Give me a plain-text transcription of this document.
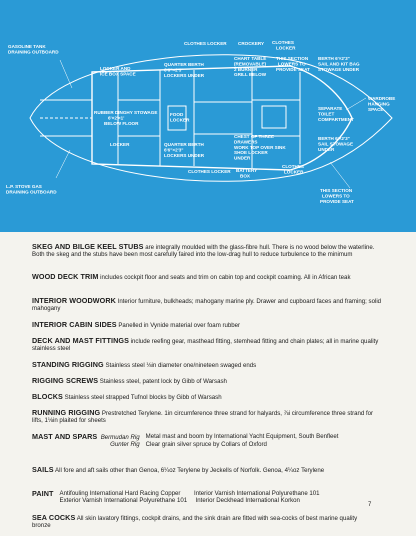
GASOLINE TANK DRAINING OUTBOARD
L.P. STOVE GAS DRAINING OUTBOARD
LOCKER AND ICE BOX SPACE
RUBBER DINGHY STOWAGE 6'×2'×1' BELOW FLOOR
LOCKER
QUARTER BERTH 6'6"×2'3" LOCKERS UNDER
FOOD LOCKER
QUARTER BERTH 6'6"×2'3" LOCKERS UNDER
CLOTHES LOCKER CROCKERY CLOTHES LOCKER
CHART TABLE (REMOVABLE) 2 BURNER GRILL BELOW
THIS SECTION LOWERS TO PROVIDE SEAT
BERTH 6'×2'3" SAIL AND KIT BAG STOWAGE UNDER
CHEST OF THREE DRAWERS WORK TOP OVER SINK SHOE LOCKER UNDER
SEPARATE TOILET COMPARTMENT
WARDROBE HANGING SPACE
BERTH 6'×2'3" SAIL STOWAGE UNDER
CLOTHES LOCKER BATTERY BOX
CLOTHES LOCKER
THIS SECTION LOWERS TO PROVIDE SEAT
SKEG AND BILGE KEEL STUBS are integrally moulded with the glass-fibre hull. There is no wood below the waterline. Both the skeg and the stubs have been most carefully faired into the low-drag hull to reduce turbulence to the minimum
WOOD DECK TRIM includes cockpit floor and seats and trim on cabin top and cockpit coaming. All in African teak
INTERIOR WOODWORK Interior furniture, bulkheads; mahogany marine ply. Drawer and cupboard faces and framing; solid mahogany
INTERIOR CABIN SIDES Panelled in Vynide material over foam rubber
DECK AND MAST FITTINGS include reefing gear, masthead fitting, stemhead fitting and chain plates; all in marine quality stainless steel
STANDING RIGGING Stainless steel ⅛in diameter one/nineteen swaged ends
RIGGING SCREWS Stainless steel, patent lock by Gibb of Warsash
BLOCKS Stainless steel strapped Tufnol blocks by Gibb of Warsash
RUNNING RIGGING Prestretched Terylene. 1in circumference three strand for halyards, ⅞i circumference three strand for lifts, 1⅛in plaited for sheets
MAST AND SPARS Bermudan Rig Metal mast and boom by International Yacht Equipment, South Benfleet
Gunter Rig Clear grain silver spruce by Collars of Oxford
SAILS All fore and aft sails other than Genoa, 6¼oz Terylene by Jeckells of Norfolk. Genoa, 4¼oz Terylene
PAINT Antifouling International Hard Racing Copper        Interior Varnish International Polyurethane 101
Exterior Varnish International Polyurethane 101     Interior Deckhead International Korkon
SEA COCKS All skin lavatory fittings, cockpit drains, and the sink drain are fitted with sea-cocks of best marine quality bronze
7
